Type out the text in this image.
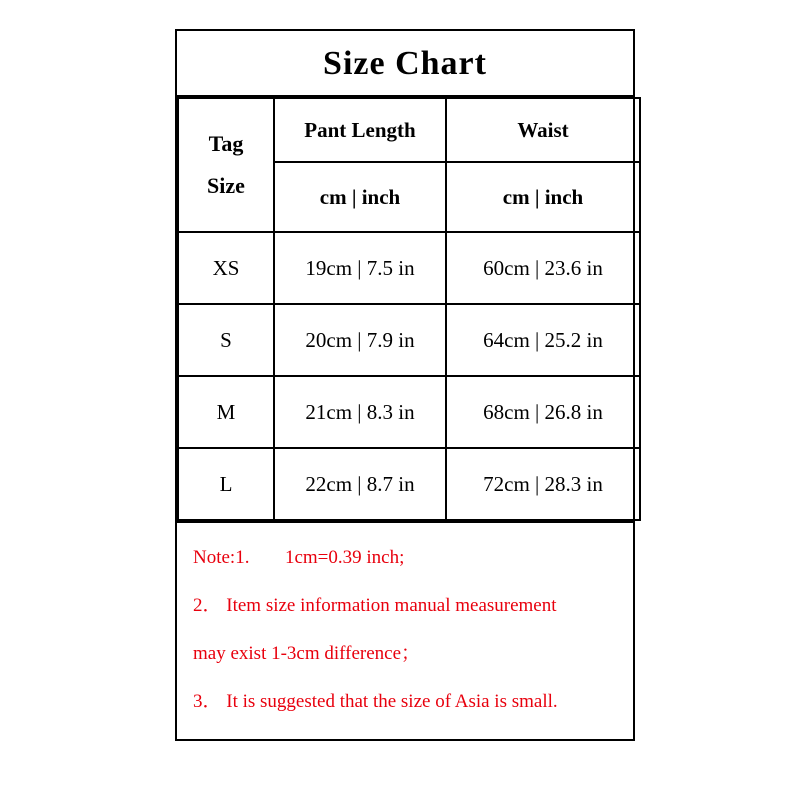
Size Chart
Tag
Size	Pant Length	Waist
	cm | inch	cm | inch
XS	19cm | 7.5 in	60cm | 23.6 in
S	20cm | 7.9 in	64cm | 25.2 in
M	21cm | 8.3 in	68cm | 26.8 in
L	22cm | 8.7 in	72cm | 28.3 in

Note:1. 1cm=0.39 inch;

2． Item size information manual measurement

may exist 1-3cm difference；

3． It is suggested that the size of Asia is small.
